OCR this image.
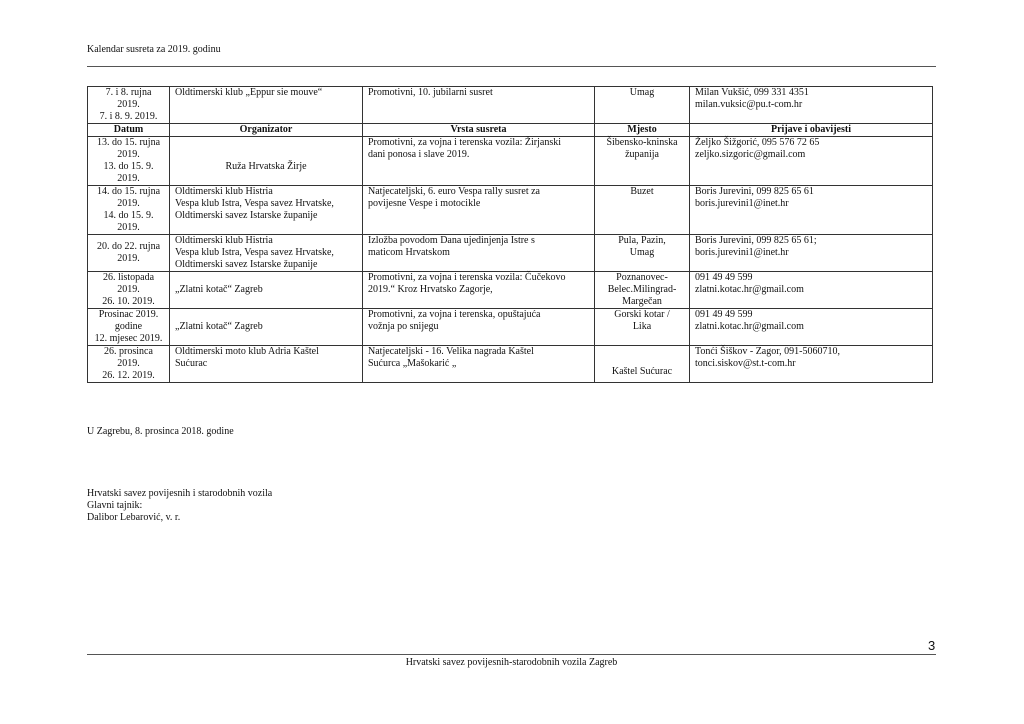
Kalendar susreta za 2019. godinu
7. i 8. rujna
2019.
7. i 8. 9. 2019.	Oldtimerski klub „Eppur sie mouve“	Promotivni, 10. jubilarni susret	Umag	Milan Vukšić, 099 331 4351
milan.vuksic@pu.t-com.hr

Datum	Organizator	Vrsta susreta	Mjesto	Prijave i obavijesti

13. do 15. rujna
2019.
13. do 15. 9.
2019.	Ruža Hrvatska Žirje	Promotivni, za vojna i terenska vozila: Žirjanski
dani ponosa i slave 2019.	Šibensko-kninska
županija	Željko Šižgorić, 095 576 72 65
zeljko.sizgoric@gmail.com

14. do 15. rujna
2019.
14. do 15. 9.
2019.	Oldtimerski klub Histria
Vespa klub Istra, Vespa savez Hrvatske,
Oldtimerski savez Istarske županije	Natjecateljski, 6. euro Vespa rally susret za
povijesne Vespe i motocikle	Buzet	Boris Jurevini, 099 825 65 61
boris.jurevini1@inet.hr

20. do 22. rujna
2019.	Oldtimerski klub Histria
Vespa klub Istra, Vespa savez Hrvatske,
Oldtimerski savez Istarske županije	Izložba povodom Dana ujedinjenja Istre s
maticom Hrvatskom	Pula, Pazin,
Umag	Boris Jurevini, 099 825 65 61;
boris.jurevini1@inet.hr

26. listopada
2019.
26. 10. 2019.	„Zlatni kotač“ Zagreb	Promotivni, za vojna i terenska vozila: Čučekovo
2019.“ Kroz Hrvatsko Zagorje,	Poznanovec-
Belec.Milingrad-
Margečan	091 49 49 599
zlatni.kotac.hr@gmail.com

Prosinac 2019.
godine
12. mjesec 2019.	„Zlatni kotač“ Zagreb	Promotivni, za vojna i terenska, opuštajuća
vožnja po snijegu	Gorski kotar /
Lika	091 49 49 599
zlatni.kotac.hr@gmail.com

26. prosinca
2019.
26. 12. 2019.	Oldtimerski moto klub Adria Kaštel
Sućurac	Natjecateljski - 16. Velika nagrada Kaštel
Sućurca „Mašokarić „	Kaštel Sućurac	Tonći Šiškov - Zagor, 091-5060710,
tonci.siskov@st.t-com.hr
U Zagrebu, 8. prosinca 2018. godine
Hrvatski savez povijesnih i starodobnih vozila
Glavni tajnik:
Dalibor Lebarović, v. r.
3
Hrvatski savez povijesnih-starodobnih vozila Zagreb
